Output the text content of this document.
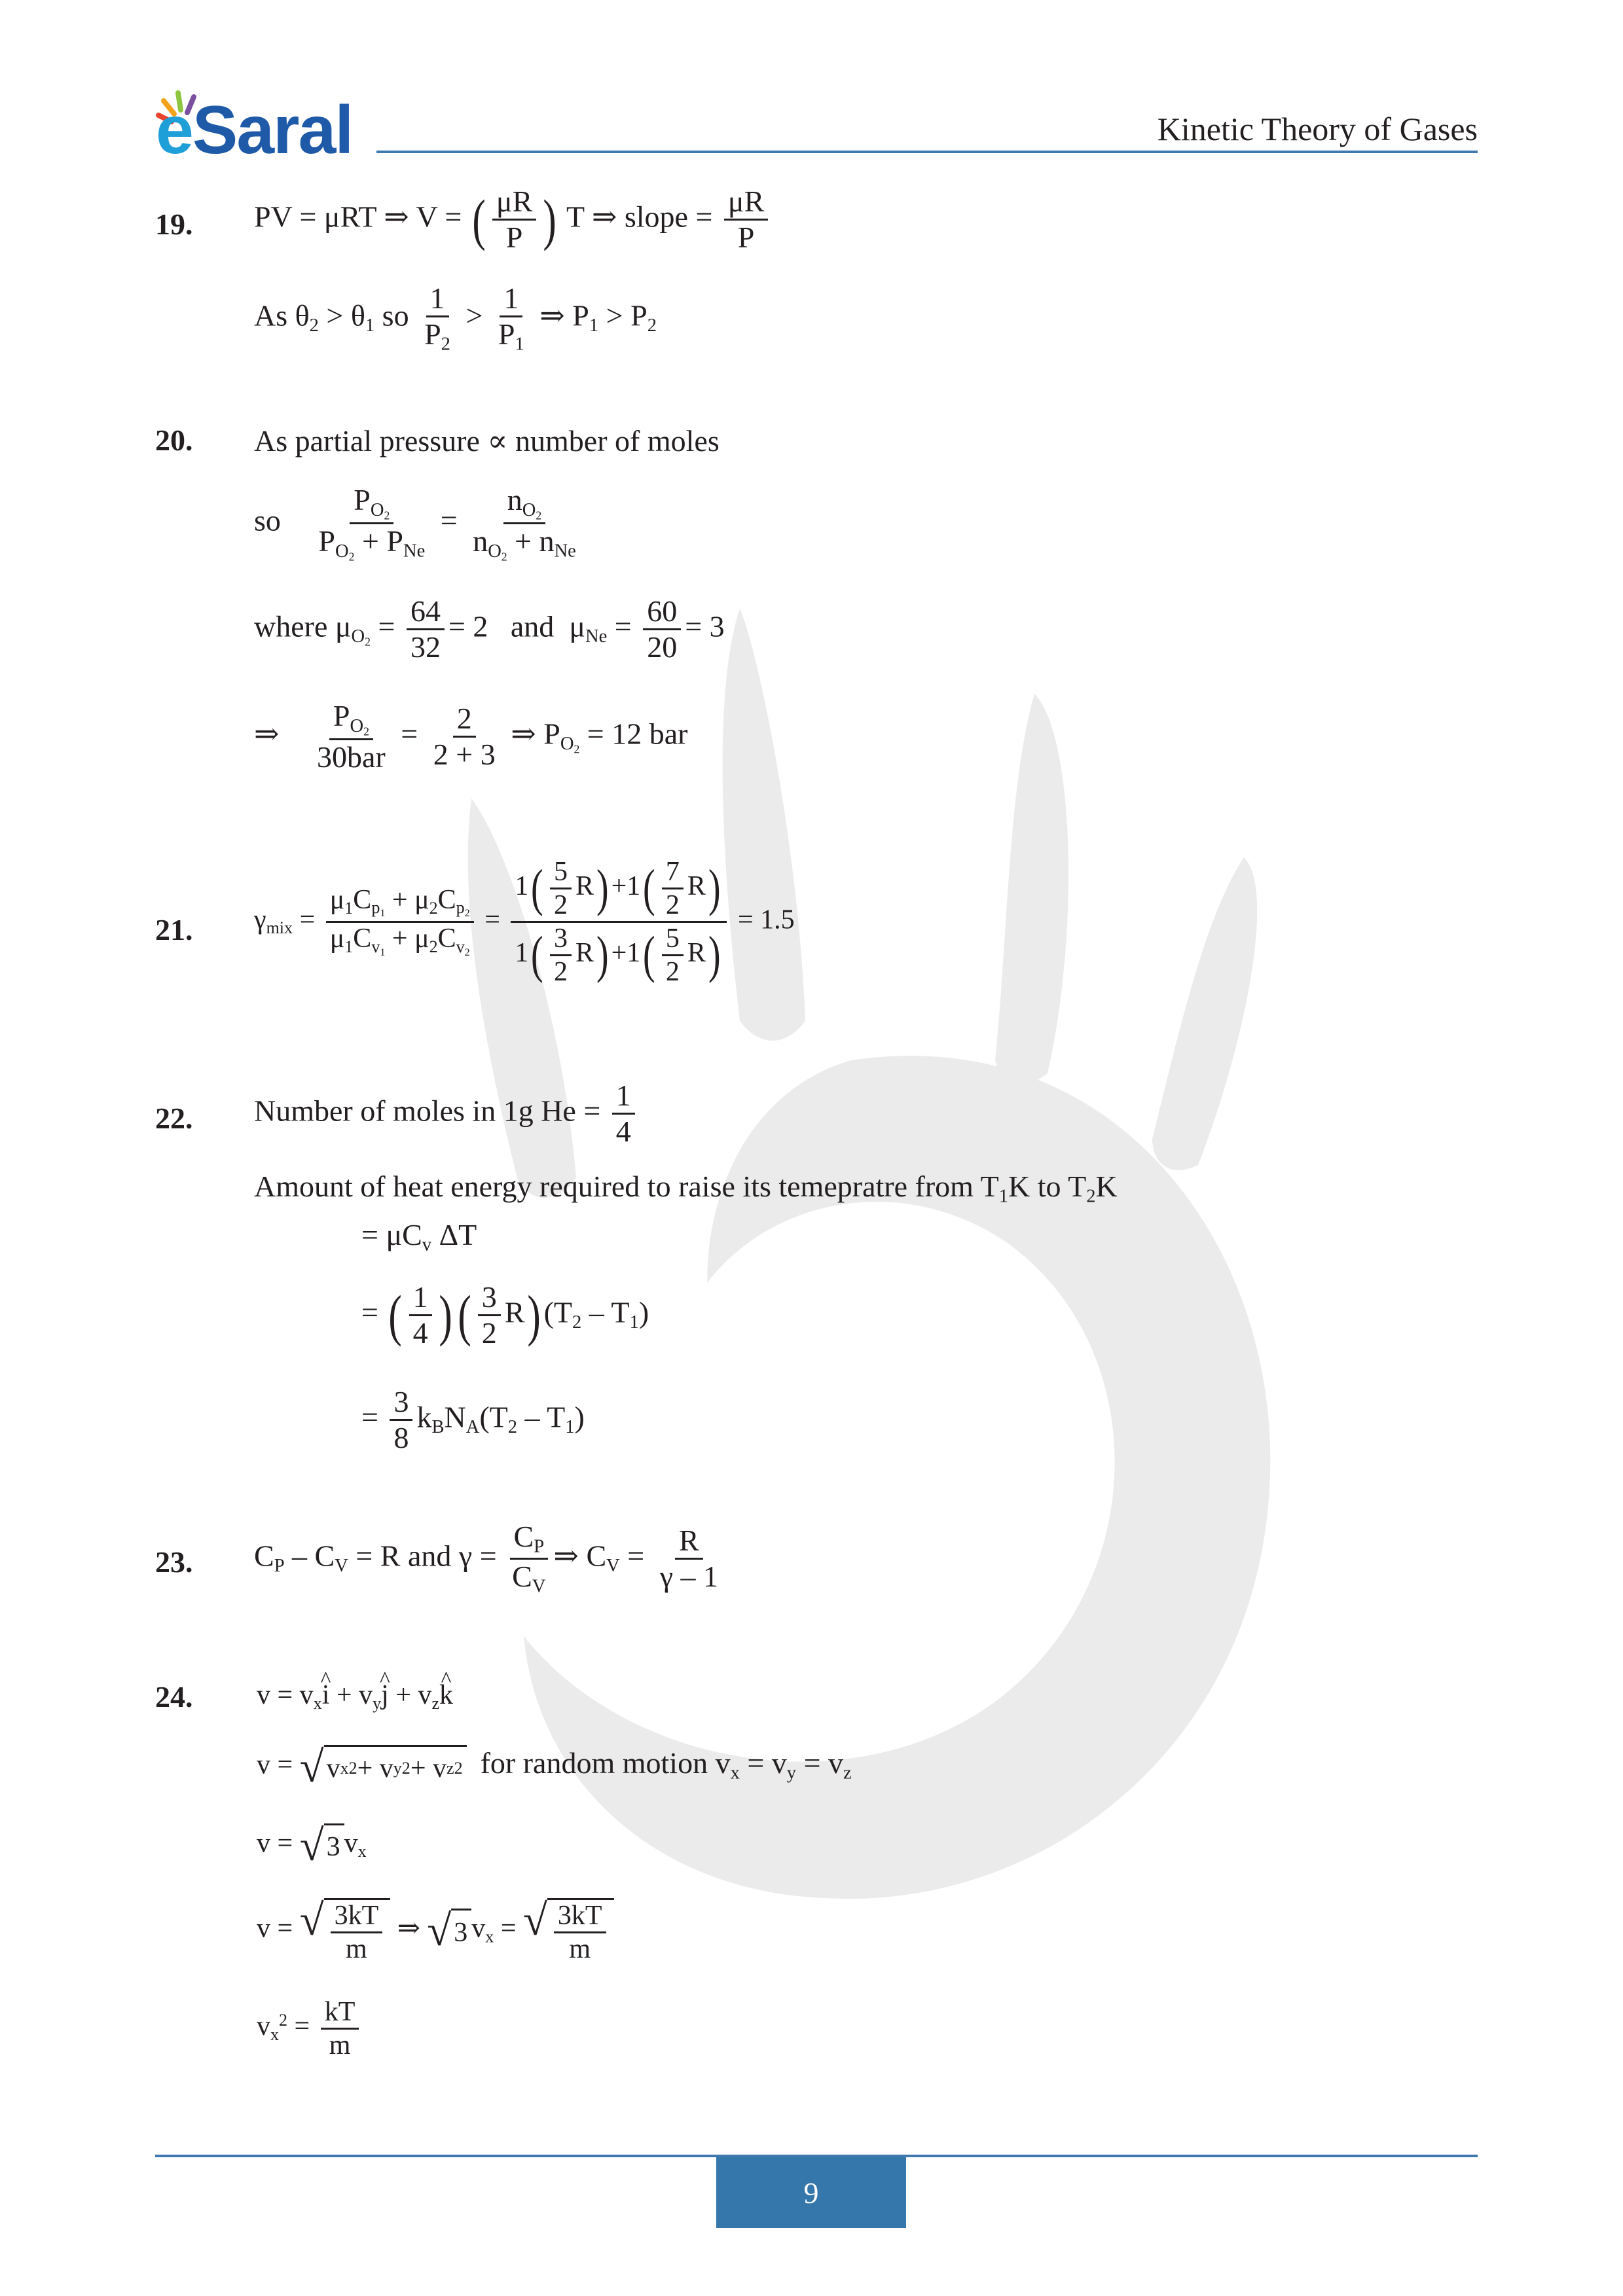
eSaral	Kinetic Theory of Gases
19. PV = μRT ⇒ V = ( $\frac{\mu R}{P}$ ) T ⇒ slope = $\frac{\mu R}{P}$
As $\theta_2 > \theta_1$ so $\frac{1}{P_2} > \frac{1}{P_1}$ ⇒ $P_1 > P_2$
20. As partial pressure ∝ number of moles
so $\frac{P_{O_2}}{P_{O_2} + P_{Ne}} = \frac{n_{O_2}}{n_{O_2} + n_{Ne}}$
where $\mu_{O_2} = \frac{64}{32} = 2$ and $\mu_{Ne} = \frac{60}{20} = 3$
⇒ $\frac{P_{O_2}}{\text{30bar}} = \frac{2}{2 + 3}$ ⇒ $P_{O_2} = 12$ bar
21. $\gamma_{mix} = \frac{\mu_1C_{p_1} + \mu_2C_{p_2}}{\mu_1C_{v_1} + \mu_2C_{v_2}} = \frac{1( \frac{5}{2} R)+1( \frac{7}{2} R)}{1( \frac{3}{2} R)+1( \frac{5}{2} R)} = 1.5$
22. Number of moles in 1g $He = \frac{1}{4}$
Amount of heat energy required to raise its temepratre from $T_1K$ to $T_2K$
= $\mu C_v$ ΔT
= ( $\frac{1}{4}$ )( $\frac{3}{2} R)(T_2 - T_1)$
= $\frac{3}{8} k_BN_A(T_2 - T_1)$
23. $C_P - C_V = R$ and $\gamma = \frac{C_P}{C_V}$ ⇒ $C_V = \frac{R}{\gamma - 1}$
24. $v = v_x\^{}$ $i + v_y\^{}$ $j + v_z\^{}$ k
v = √ v x 2 + v y 2 + v z 2 for random motion $v_x = v_y = v_z$
v = √ 3 $v_x$
v = √ $\frac{3kT}{m}$ ⇒ √ 3 $v_x$ = √ $\frac{3kT}{m}$
$v_x^2 = \frac{kT}{m}$
9
